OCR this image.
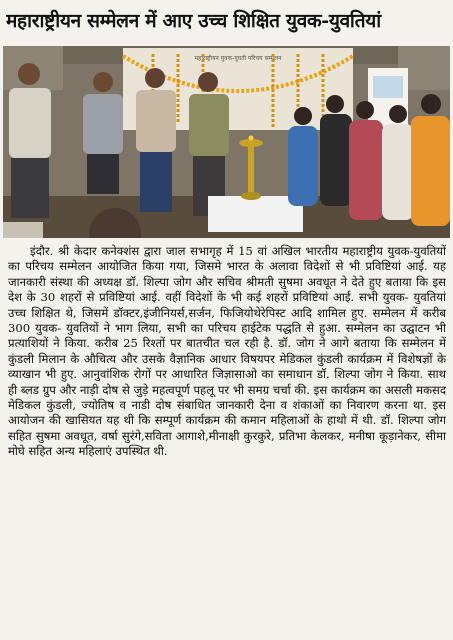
महाराष्ट्रीयन सम्मेलन में आए उच्च शिक्षित युवक-युवतियां
महाराष्ट्रीयन युवक-युवती परिचय सम्मेलन

इंदौर. श्री केदार कनेक्शंस द्वारा जाल सभागृह में 15 वां अखिल भारतीय महाराष्ट्रीय युवक-युवतियों का परिचय सम्मेलन आयोजित किया गया, जिसमे भारत के अलावा विदेशों से भी प्रविष्टियां आई. यह जानकारी संस्था की अध्यक्ष डॉ. शिल्पा जोग और सचिव श्रीमती सुषमा अवधूत ने देते हुए बताया कि इस देश के 30 शहरों से प्रविष्टियां आई. वहीं विदेशों के भी कई शहरों प्रविष्टियां आई. सभी युवक- युवतियां उच्च शिक्षित थे, जिसमें डॉक्टर,इंजीनियर्स,सर्जन, फिजियोथेरेपिस्ट आदि शामिल हुए. सम्मेलन में करीब 300 युवक- युवतियों ने भाग लिया, सभी का परिचय हाईटेक पद्धति से हुआ. सम्मेलन का उद्घाटन भी प्रत्याशियों ने किया. करीब 25 रिश्तों पर बातचीत चल रही है. डॉ. जोग ने आगे बताया कि सम्मेलन में कुंडली मिलान के औचित्य और उसके वैज्ञानिक आधार विषयपर मेडिकल कुंडली कार्यक्रम में विशेषज्ञों के व्याखान भी हुए. आनुवांशिक रोगों पर आधारित जिज्ञासाओ का समाधान डॉ. शिल्पा जोग ने किया. साथ ही ब्लड ग्रुप और नाड़ी दोष से जुड़े महत्वपूर्ण पहलू पर भी समग्र चर्चा की. इस कार्यक्रम का असली मकसद मेडिकल कुंडली, ज्योतिष व नाडी दोष संबाधित जानकारी देना व शंकाओं का निवारण करना था. इस आयोजन की खासियत यह थी कि सम्पूर्ण कार्यक्रम की कमान महिलाओं के हाथो में थी. डॉ. शिल्पा जोग सहित सुषमा अवधूत, वर्षा सुरंगे,सविता आगाशे,मीनाक्षी कुरकुरे, प्रतिभा केलकर, मनीषा कूड़ानेकर, सीमा मोघे सहित अन्य महिलाएं उपस्थित थी.
